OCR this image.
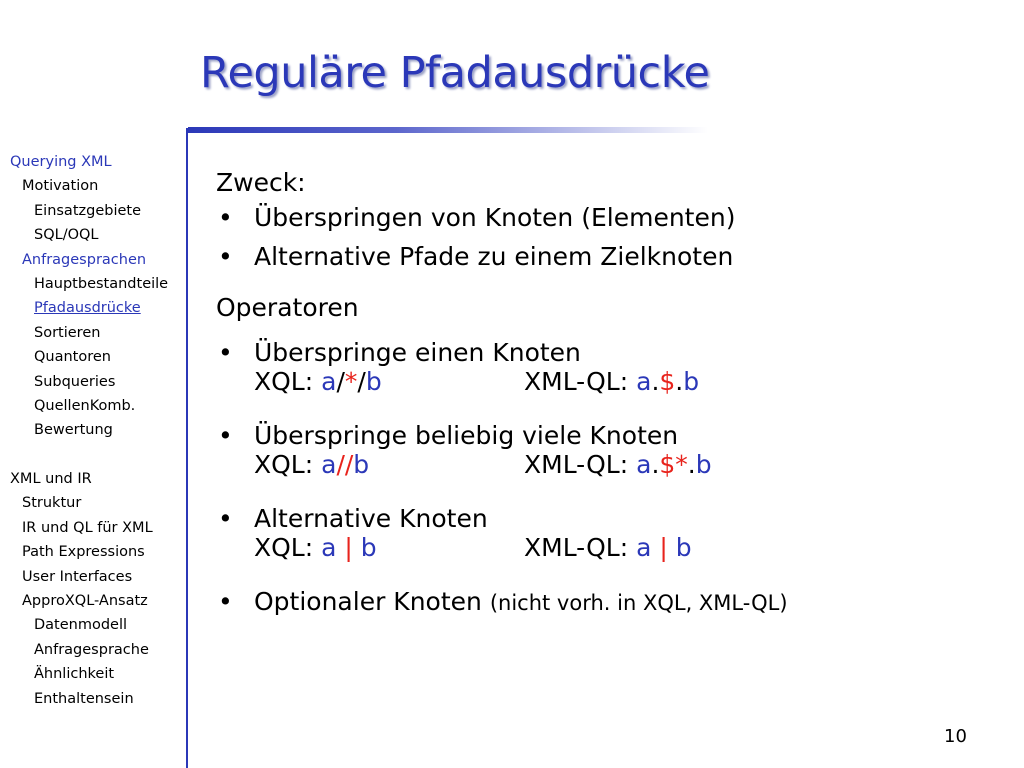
Reguläre Pfadausdrücke
Querying XML
Motivation
Einsatzgebiete
SQL/OQL
Anfragesprachen
Hauptbestandteile
Pfadausdrücke
Sortieren
Quantoren
Subqueries
QuellenKomb.
Bewertung
XML und IR
Struktur
IR und QL für XML
Path Expressions
User Interfaces
ApproXQL-Ansatz
Datenmodell
Anfragesprache
Ähnlichkeit
Enthaltensein
Zweck:
• Überspringen von Knoten (Elementen)
• Alternative Pfade zu einem Zielknoten
Operatoren
• Überspringe einen Knoten
XQL: a/*/b	XML-QL: a.$.b
• Überspringe beliebig viele Knoten
XQL: a//b	XML-QL: a.$*.b
• Alternative Knoten
XQL: a | b	XML-QL: a | b
• Optionaler Knoten (nicht vorh. in XQL, XML-QL)
10
